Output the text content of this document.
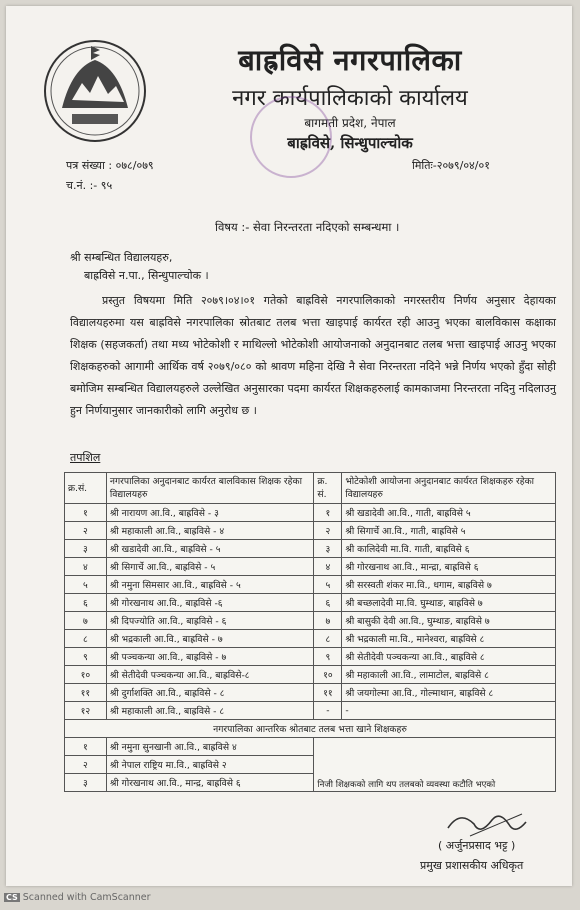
बाह्रविसे नगरपालिका
नगर कार्यपालिकाको कार्यालय
बागमती प्रदेश, नेपाल
बाह्रविसे, सिन्धुपाल्चोक
पत्र संख्या : ०७८/०७९
च.नं. :- ९५
मितिः-२०७९/०४/०१
विषय :- सेवा निरन्तरता नदिएको सम्बन्धमा ।
श्री सम्बन्धित विद्यालयहरु,
बाह्रविसे न.पा., सिन्धुपाल्चोक ।
प्रस्तुत विषयमा मिति २०७९।०४।०१ गतेको बाह्रविसे नगरपालिकाको नगरस्तरीय निर्णय अनुसार देहायका विद्यालयहरुमा यस बाह्रविसे नगरपालिका स्रोतबाट तलब भत्ता खाइपाई कार्यरत रही आउनु भएका बालविकास कक्षाका शिक्षक (सहजकर्ता) तथा मध्य भोटेकोशी र माथिल्लो भोटेकोशी आयोजनाको अनुदानबाट तलब भत्ता खाइपाई आउनु भएका शिक्षकहरुको आगामी आर्थिक वर्ष २०७९/०८० को श्रावण महिना देखि नै सेवा निरन्तरता नदिने भन्ने निर्णय भएको हुँदा सोही बमोजिम सम्बन्धित विद्यालयहरुले उल्लेखित अनुसारका पदमा कार्यरत शिक्षकहरुलाई कामकाजमा निरन्तरता नदिनु नदिलाउनु हुन निर्णयानुसार जानकारीको लागि अनुरोध छ ।
तपशिल
क्र.सं.	नगरपालिका अनुदानबाट कार्यरत बालविकास शिक्षक रहेका विद्यालयहरु	क्र. सं.	भोटेकोशी आयोजना अनुदानबाट कार्यरत शिक्षकहरु रहेका विद्यालयहरु
१	श्री नारायण आ.वि., बाह्रविसे - ३	१	श्री खडादेवी आ.वि., गाती, बाह्रविसे ५
२	श्री महाकाली आ.वि., बाह्रविसे - ४	२	श्री सिगार्चे आ.वि., गाती, बाह्रविसे ५
३	श्री खडादेवी आ.वि., बाह्रविसे - ५	३	श्री कालिदेवी मा.वि. गाती, बाह्रविसे ६
४	श्री सिगार्चे आ.वि., बाह्रविसे - ५	४	श्री गोरखनाथ आ.वि., मान्द्रा, बाह्रविसे ६
५	श्री नमुना सिमसार आ.वि., बाह्रविसे - ५	५	श्री सरस्वती शंकर मा.वि., धगाम, बाह्रविसे ७
६	श्री गोरखनाथ आ.वि., बाह्रविसे -६	६	श्री बच्छलादेवी मा.वि. घुम्थाङ, बाह्रविसे ७
७	श्री दिपज्योति आ.वि., बाह्रविसे - ६	७	श्री बासुकी देवी आ.वि., घुम्थाङ, बाह्रविसे ७
८	श्री भद्रकाली आ.वि., बाह्रविसे - ७	८	श्री भद्रकाली मा.वि., मानेश्वरा, बाह्रविसे ८
९	श्री पञ्चकन्या आ.वि., बाह्रविसे - ७	९	श्री सेतीदेवी पञ्चकन्या आ.वि., बाह्रविसे ८
१०	श्री सेतीदेवी पञ्चकन्या आ.वि., बाह्रविसे-८	१०	श्री महाकाली आ.वि., लामाटोल, बाह्रविसे ८
११	श्री दुर्गाशक्ति आ.वि., बाह्रविसे - ८	११	श्री जयगोल्मा आ.वि., गोल्माथान, बाह्रविसे ८
१२	श्री महाकाली आ.वि., बाह्रविसे - ८	-	-
नगरपालिका आन्तरिक श्रोतबाट तलब भत्ता खाने शिक्षकहरु			
१	श्री नमुना सुनखानी आ.वि., बाह्रविसे ४	निजी शिक्षकको लागि थप तलबको व्यवस्था कटौति भएको	
२	श्री नेपाल राष्ट्रिय मा.वि., बाह्रविसे २		
३	श्री गोरखनाथ आ.वि., मान्द्र, बाह्रविसे ६		
( अर्जुनप्रसाद भट्ट )
प्रमुख प्रशासकीय अधिकृत
CS Scanned with CamScanner
